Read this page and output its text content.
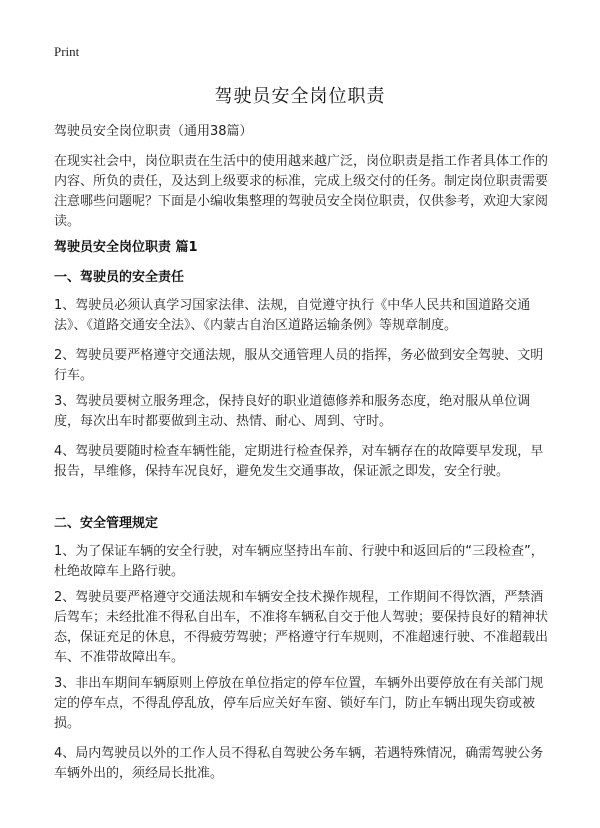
Print
驾驶员安全岗位职责
驾驶员安全岗位职责（通用38篇）
在现实社会中，岗位职责在生活中的使用越来越广泛，岗位职责是指工作者具体工作的内容、所负的责任，及达到上级要求的标准，完成上级交付的任务。制定岗位职责需要注意哪些问题呢？下面是小编收集整理的驾驶员安全岗位职责，仅供参考，欢迎大家阅读。
驾驶员安全岗位职责 篇1
一、驾驶员的安全责任
1、驾驶员必须认真学习国家法律、法规，自觉遵守执行《中华人民共和国道路交通法》、《道路交通安全法》、《内蒙古自治区道路运输条例》等规章制度。
2、驾驶员要严格遵守交通法规，服从交通管理人员的指挥，务必做到安全驾驶、文明行车。
3、驾驶员要树立服务理念，保持良好的职业道德修养和服务态度，绝对服从单位调度，每次出车时都要做到主动、热情、耐心、周到、守时。
4、驾驶员要随时检查车辆性能，定期进行检查保养，对车辆存在的故障要早发现，早报告，早维修，保持车况良好，避免发生交通事故，保证派之即发，安全行驶。
二、安全管理规定
1、为了保证车辆的安全行驶，对车辆应坚持出车前、行驶中和返回后的“三段检查”，杜绝故障车上路行驶。
2、驾驶员要严格遵守交通法规和车辆安全技术操作规程，工作期间不得饮酒，严禁酒后驾车；未经批准不得私自出车，不准将车辆私自交于他人驾驶；要保持良好的精神状态，保证充足的休息，不得疲劳驾驶；严格遵守行车规则，不准超速行驶、不准超载出车、不准带故障出车。
3、非出车期间车辆原则上停放在单位指定的停车位置，车辆外出要停放在有关部门规定的停车点，不得乱停乱放，停车后应关好车窗、锁好车门，防止车辆出现失窃或被损。
4、局内驾驶员以外的工作人员不得私自驾驶公务车辆，若遇特殊情况，确需驾驶公务车辆外出的，须经局长批准。
